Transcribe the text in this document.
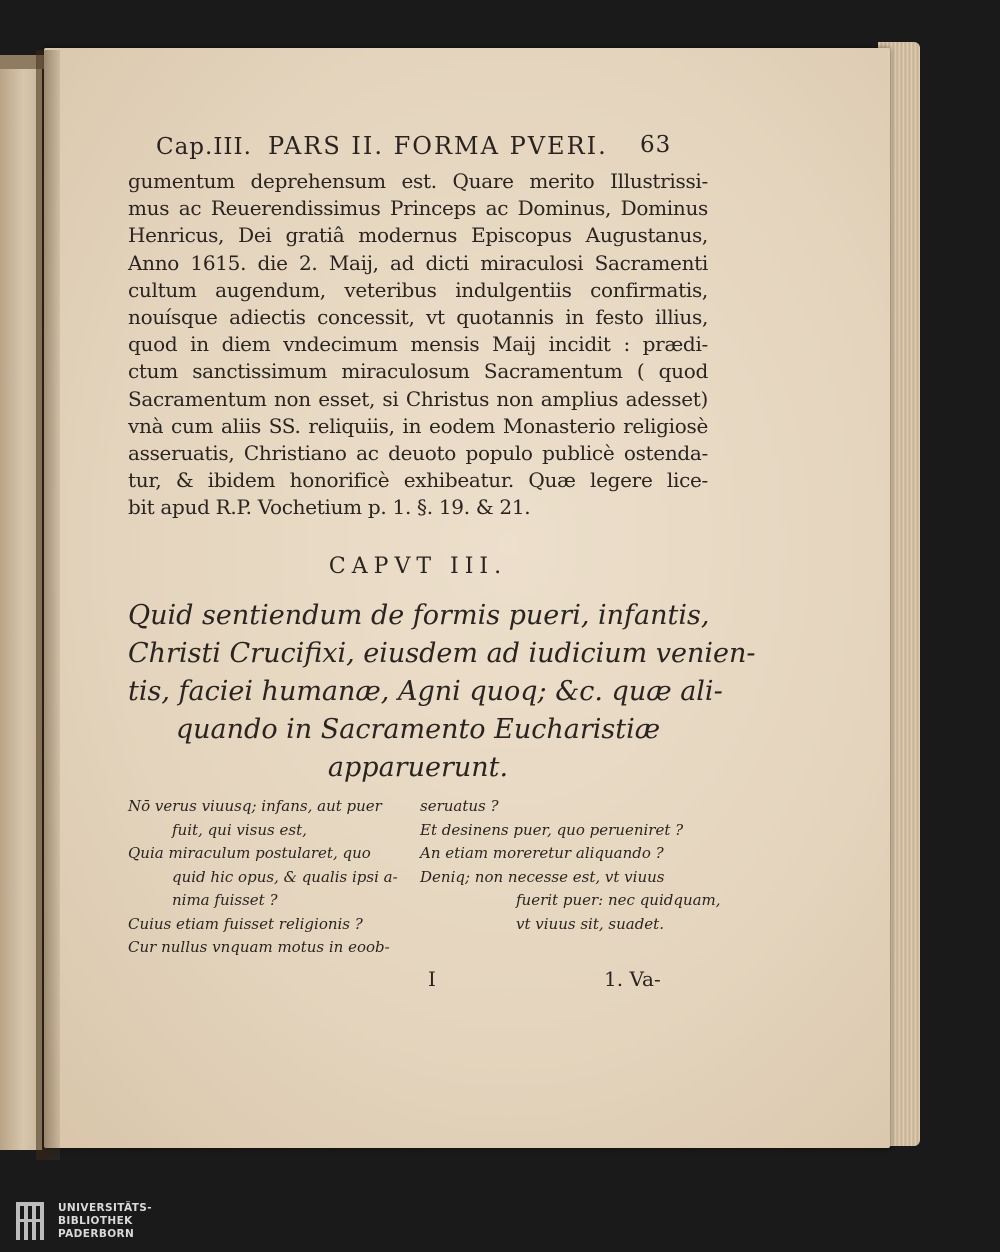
Cap.III. PARS II. FORMA PVERI. 63
gumentum deprehensum est. Quare merito Illustrissi-
mus ac Reuerendissimus Princeps ac Dominus, Dominus
Henricus, Dei gratiâ modernus Episcopus Augustanus,
Anno 1615. die 2. Maij, ad dicti miraculosi Sacramenti
cultum augendum, veteribus indulgentiis confirmatis,
nouísque adiectis concessit, vt quotannis in festo illius,
quod in diem vndecimum mensis Maij incidit : prædi-
ctum sanctissimum miraculosum Sacramentum ( quod
Sacramentum non esset, si Christus non amplius adesset)
vnà cum aliis SS. reliquiis, in eodem Monasterio religiosè
asseruatis, Christiano ac deuoto populo publicè ostenda-
tur, & ibidem honorificè exhibeatur. Quæ legere lice-
bit apud R.P. Vochetium p. 1. §. 19. & 21.
CAPVT III.
Quid sentiendum de formis pueri, infantis,
Christi Crucifixi, eiusdem ad iudicium venien-
tis, faciei humanæ, Agni quoq; &c. quæ ali-
quando in Sacramento Eucharistiæ
apparuerunt.
Nō verus viuusq; infans, aut puer
fuit, qui visus est,
Quia miraculum postularet, quo
quid hic opus, & qualis ipsi a-
nima fuisset ?
Cuius etiam fuisset religionis ?
Cur nullus vnquam motus in eoob-
seruatus ?
Et desinens puer, quo perueniret ?
An etiam moreretur aliquando ?
Deniq; non necesse est, vt viuus
fuerit puer: nec quidquam,
vt viuus sit, suadet.
I	1. Va-
UNIVERSITÄTS-
BIBLIOTHEK
PADERBORN
